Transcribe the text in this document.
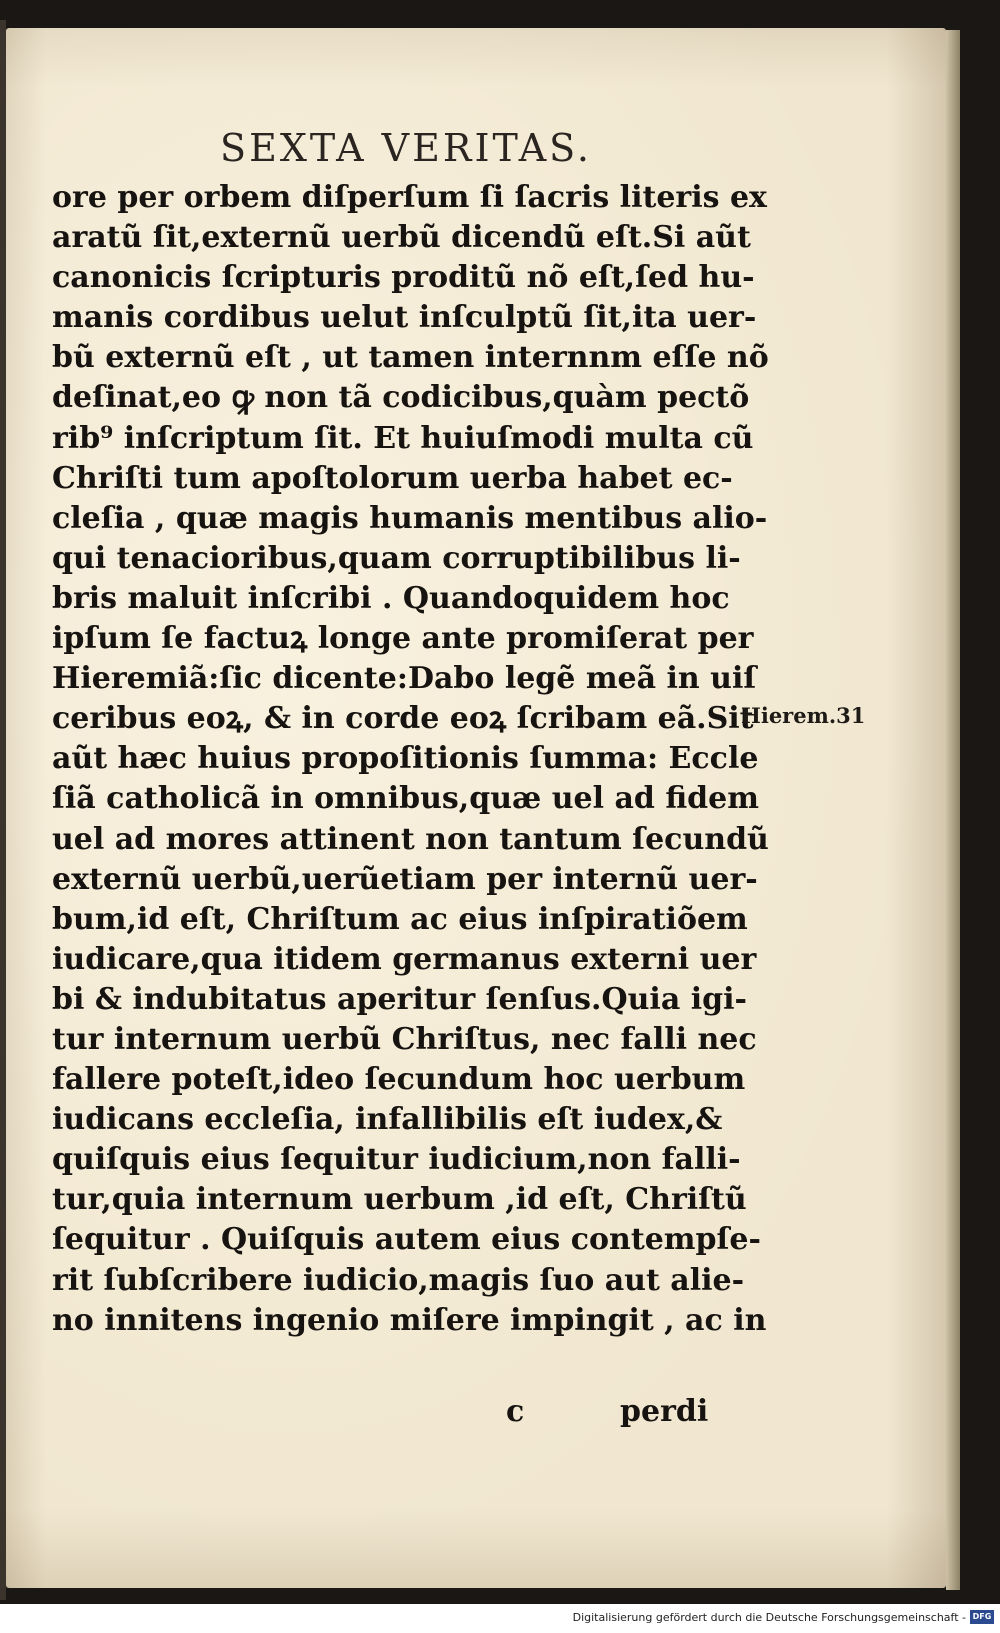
SEXTA VERITAS.
ore per orbem diſperſum ſi ſacris literis ex
aratũ ſit,externũ uerbũ dicendũ eſt.Si aũt
canonicis ſcripturis proditũ nõ eſt,ſed hu-
manis cordibus uelut inſculptũ ſit,ita uer-
bũ externũ eſt , ut tamen internnm eſſe nõ
deſinat,eo ꝙ non tã codicibus,quàm pectõ
rib⁹ inſcriptum ſit. Et huiuſmodi multa cũ
Chriſti tum apoſtolorum uerba habet ec-
cleſia , quæ magis humanis mentibus alio-
qui tenacioribus,quam corruptibilibus li-
bris maluit inſcribi . Quandoquidem hoc
ipſum ſe factuꝝ longe ante promiſerat per
Hieremiã:ſic dicente:Dabo legẽ meã in uiſ
ceribus eoꝝ, & in corde eoꝝ ſcribam eã.Sit
aũt hæc huius propoſitionis ſumma: Eccle
ſiã catholicã in omnibus,quæ uel ad fidem
uel ad mores attinent non tantum ſecundũ
externũ uerbũ,uerũetiam per internũ uer-
bum,id eſt, Chriſtum ac eius inſpiratiõem
iudicare,qua itidem germanus externi uer
bi & indubitatus aperitur ſenſus.Quia igi-
tur internum uerbũ Chriſtus, nec falli nec
fallere poteſt,ideo ſecundum hoc uerbum
iudicans eccleſia, infallibilis eſt iudex,&
quiſquis eius ſequitur iudicium,non falli-
tur,quia internum uerbum ,id eſt, Chriſtũ
ſequitur . Quiſquis autem eius contempſe-
rit ſubſcribere iudicio,magis ſuo aut alie-
no innitens ingenio miſere impingit , ac in
Hierem.31
c	perdi
Digitalisierung gefördert durch die Deutsche Forschungsgemeinschaft - DFG
